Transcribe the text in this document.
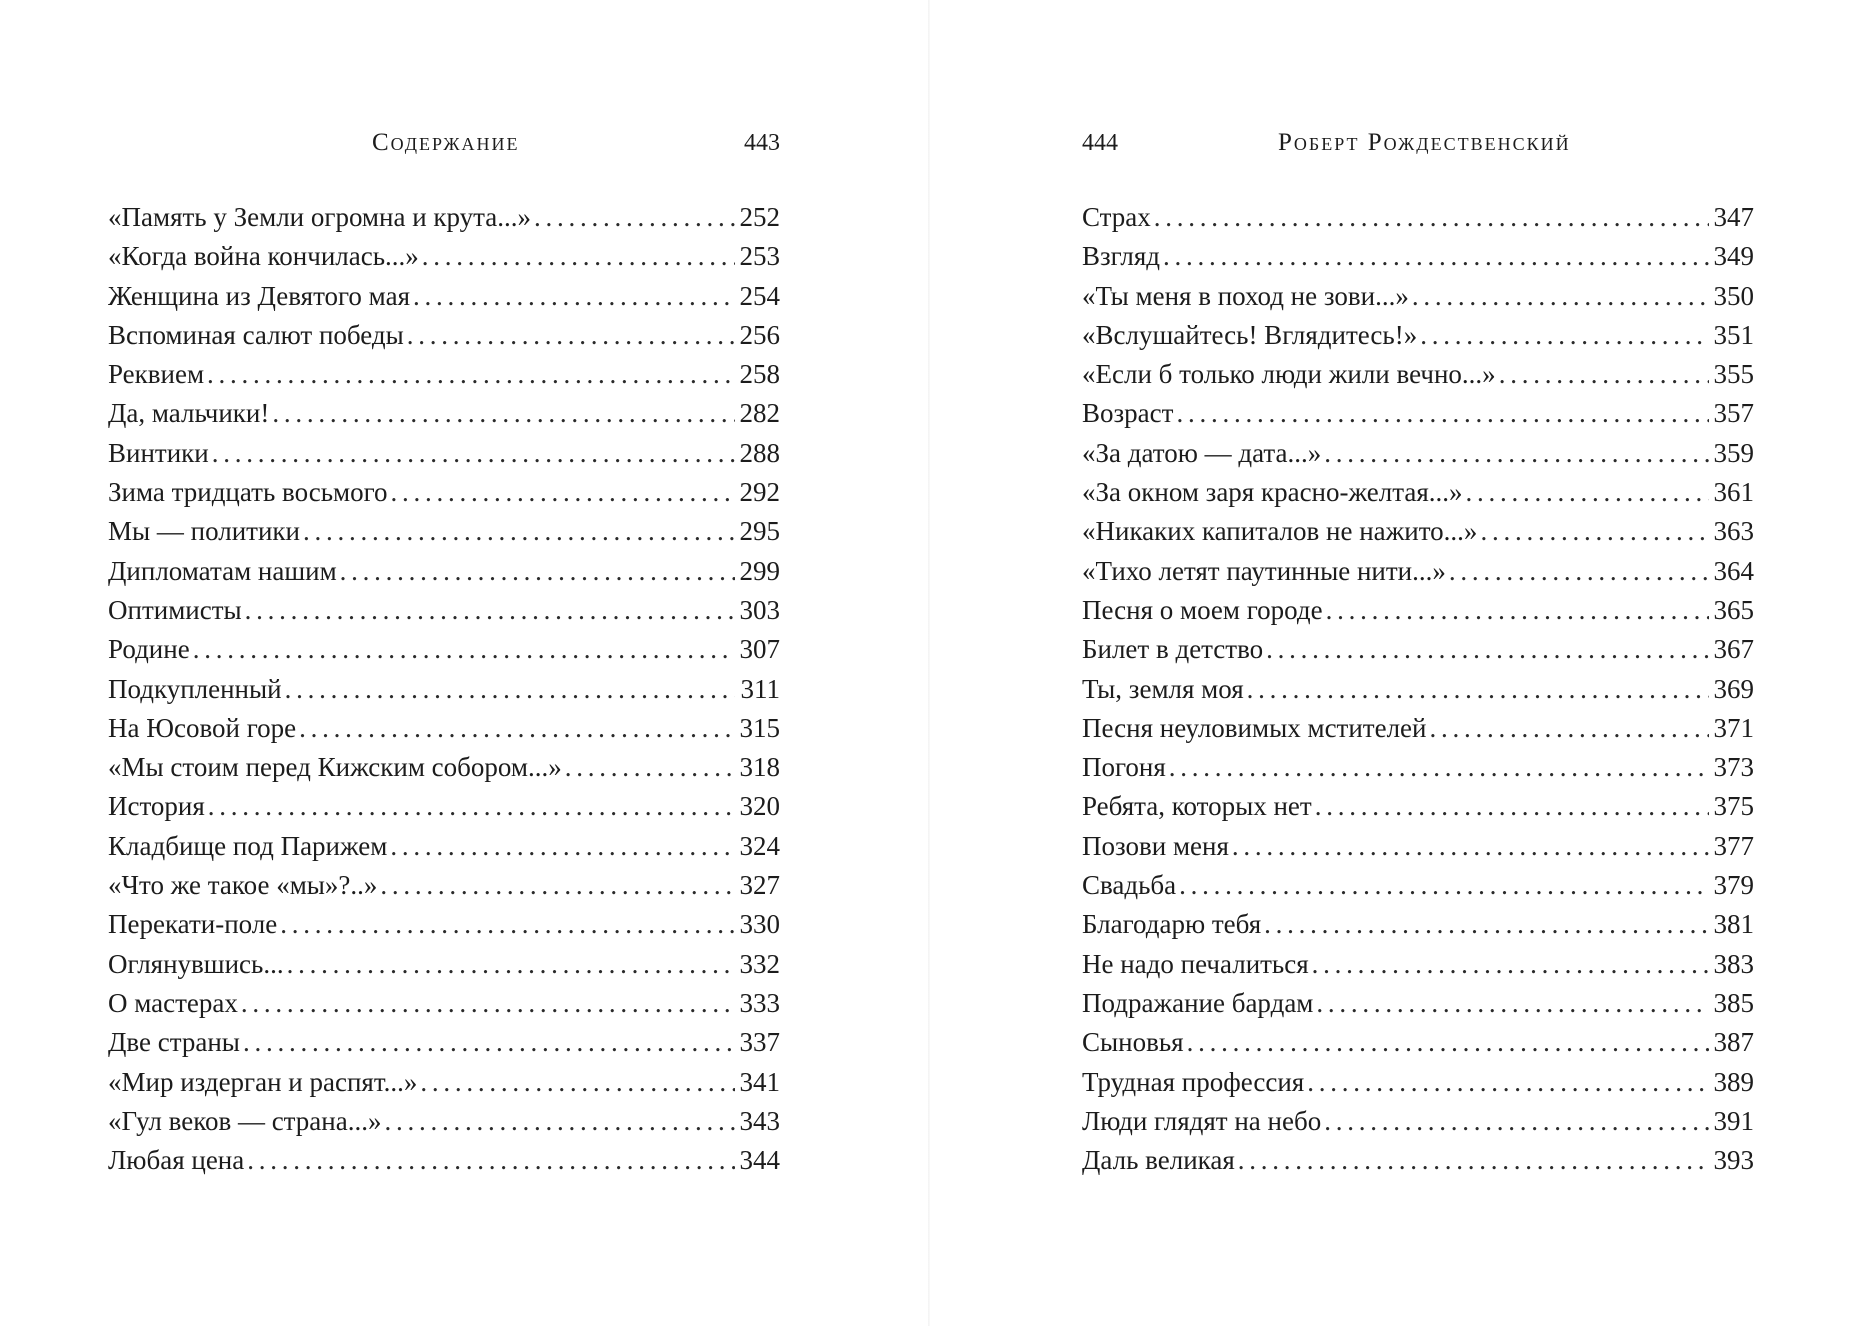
Содержание	443
«Память у Земли огромна и крута...» . . .	252
«Когда война кончилась...» . . .	253
Женщина из Девятого мая . . .	254
Вспоминая салют победы . . .	256
Реквием . . .	258
Да, мальчики! . . .	282
Винтики . . .	288
Зима тридцать восьмого . . .	292
Мы — политики . . .	295
Дипломатам нашим . . .	299
Оптимисты . . .	303
Родине . . .	307
Подкупленный . . .	311
На Юсовой горе . . .	315
«Мы стоим перед Кижским собором...» . . .	318
История . . .	320
Кладбище под Парижем . . .	324
«Что же такое «мы»?..» . . .	327
Перекати-поле . . .	330
Оглянувшись... . . .	332
О мастерах . . .	333
Две страны . . .	337
«Мир издерган и распят...» . . .	341
«Гул веков — страна...» . . .	343
Любая цена . . .	344
444	Роберт Рождественский
Страх . . .	347
Взгляд . . .	349
«Ты меня в поход не зови...» . . .	350
«Вслушайтесь! Вглядитесь!» . . .	351
«Если б только люди жили вечно...» . . .	355
Возраст . . .	357
«За датою — дата...» . . .	359
«За окном заря красно-желтая...» . . .	361
«Никаких капиталов не нажито...» . . .	363
«Тихо летят паутинные нити...» . . .	364
Песня о моем городе . . .	365
Билет в детство . . .	367
Ты, земля моя . . .	369
Песня неуловимых мстителей . . .	371
Погоня . . .	373
Ребята, которых нет . . .	375
Позови меня . . .	377
Свадьба . . .	379
Благодарю тебя . . .	381
Не надо печалиться . . .	383
Подражание бардам . . .	385
Сыновья . . .	387
Трудная профессия . . .	389
Люди глядят на небо . . .	391
Даль великая . . .	393
